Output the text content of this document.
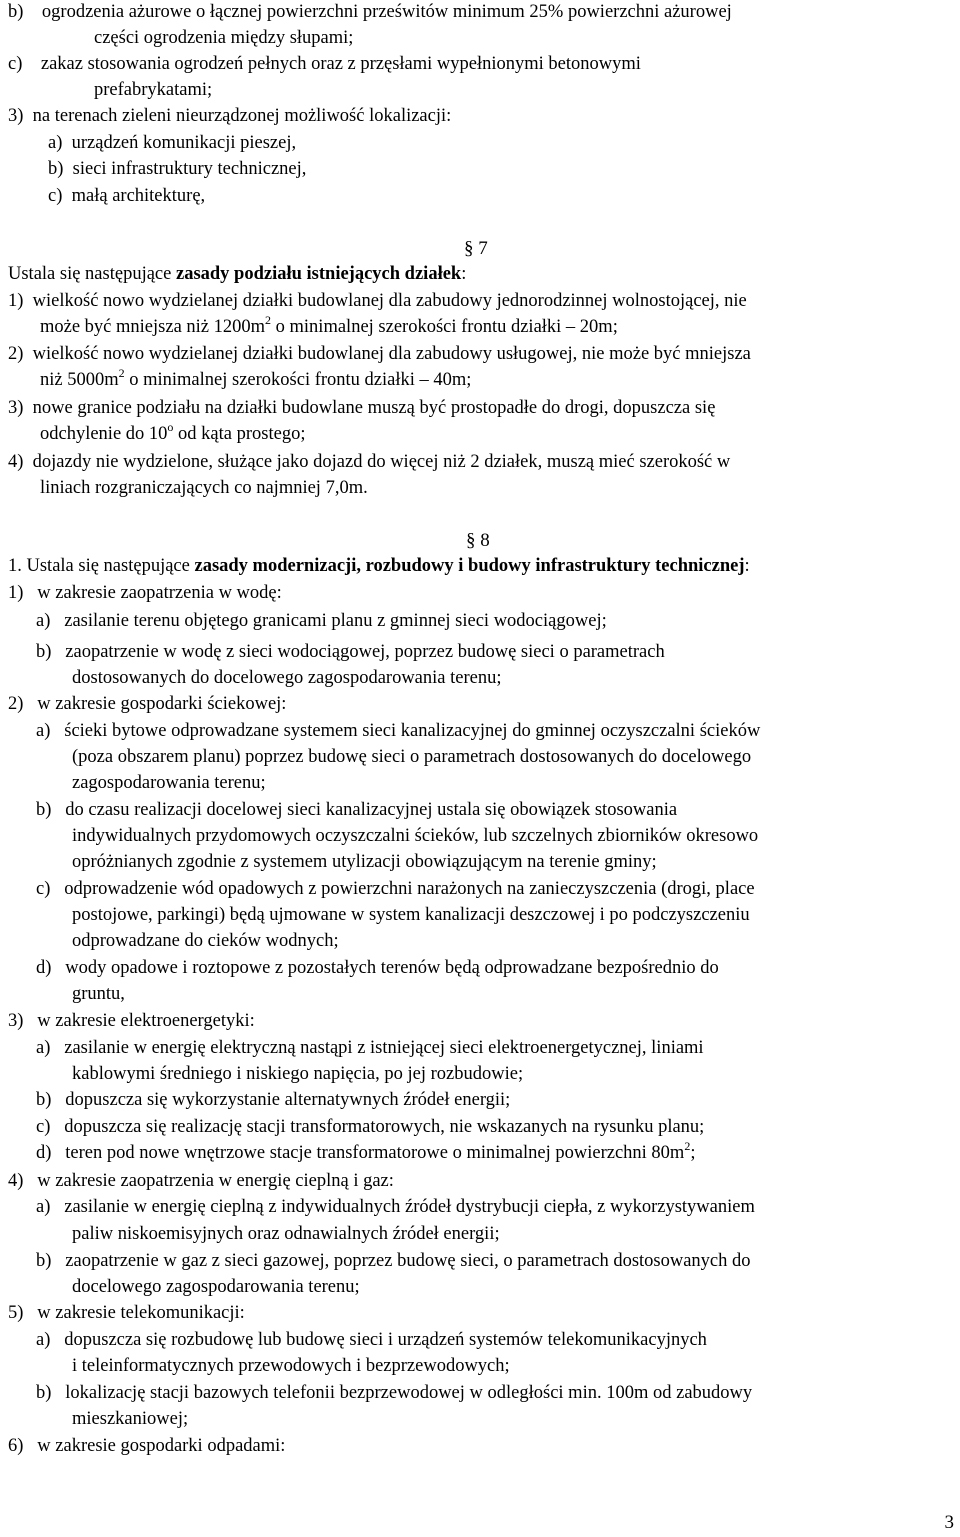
b)    ogrodzenia ażurowe o łącznej powierzchni prześwitów minimum 25% powierzchni ażurowej
części ogrodzenia między słupami;
c)    zakaz stosowania ogrodzeń pełnych oraz z przęsłami wypełnionymi betonowymi
prefabrykatami;
3)  na terenach zieleni nieurządzonej możliwość lokalizacji:
a)  urządzeń komunikacji pieszej,
b)  sieci infrastruktury technicznej,
c)  małą architekturę,
§ 7
Ustala się następujące zasady podziału istniejących działek:
1)  wielkość nowo wydzielanej działki budowlanej dla zabudowy jednorodzinnej wolnostojącej, nie
może być mniejsza niż $1200m^2$ o minimalnej szerokości frontu działki – 20m;
2)  wielkość nowo wydzielanej działki budowlanej dla zabudowy usługowej, nie może być mniejsza
niż $5000m^2$ o minimalnej szerokości frontu działki – 40m;
3)  nowe granice podziału na działki budowlane muszą być prostopadłe do drogi, dopuszcza się
odchylenie do 10$^o$ od kąta prostego;
4)  dojazdy nie wydzielone, służące jako dojazd do więcej niż 2 działek, muszą mieć szerokość w
liniach rozgraniczających co najmniej 7,0m.
§ 8
1. Ustala się następujące zasady modernizacji, rozbudowy i budowy infrastruktury technicznej:
1)   w zakresie zaopatrzenia w wodę:
a)   zasilanie terenu objętego granicami planu z gminnej sieci wodociągowej;
b)   zaopatrzenie w wodę z sieci wodociągowej, poprzez budowę sieci o parametrach
dostosowanych do docelowego zagospodarowania terenu;
2)   w zakresie gospodarki ściekowej:
a)   ścieki bytowe odprowadzane systemem sieci kanalizacyjnej do gminnej oczyszczalni ścieków
(poza obszarem planu) poprzez budowę sieci o parametrach dostosowanych do docelowego
zagospodarowania terenu;
b)   do czasu realizacji docelowej sieci kanalizacyjnej ustala się obowiązek stosowania
indywidualnych przydomowych oczyszczalni ścieków, lub szczelnych zbiorników okresowo
opróżnianych zgodnie z systemem utylizacji obowiązującym na terenie gminy;
c)   odprowadzenie wód opadowych z powierzchni narażonych na zanieczyszczenia (drogi, place
postojowe, parkingi) będą ujmowane w system kanalizacji deszczowej i po podczyszczeniu
odprowadzane do cieków wodnych;
d)   wody opadowe i roztopowe z pozostałych terenów będą odprowadzane bezpośrednio do
gruntu,
3)   w zakresie elektroenergetyki:
a)   zasilanie w energię elektryczną nastąpi z istniejącej sieci elektroenergetycznej, liniami
kablowymi średniego i niskiego napięcia, po jej rozbudowie;
b)   dopuszcza się wykorzystanie alternatywnych źródeł energii;
c)   dopuszcza się realizację stacji transformatorowych, nie wskazanych na rysunku planu;
d)   teren pod nowe wnętrzowe stacje transformatorowe o minimalnej powierzchni $80m^2$;
4)   w zakresie zaopatrzenia w energię cieplną i gaz:
a)   zasilanie w energię cieplną z indywidualnych źródeł dystrybucji ciepła, z wykorzystywaniem
paliw niskoemisyjnych oraz odnawialnych źródeł energii;
b)   zaopatrzenie w gaz z sieci gazowej, poprzez budowę sieci, o parametrach dostosowanych do
docelowego zagospodarowania terenu;
5)   w zakresie telekomunikacji:
a)   dopuszcza się rozbudowę lub budowę sieci i urządzeń systemów telekomunikacyjnych
i teleinformatycznych przewodowych i bezprzewodowych;
b)   lokalizację stacji bazowych telefonii bezprzewodowej w odległości min. 100m od zabudowy
mieszkaniowej;
6)   w zakresie gospodarki odpadami:
3
